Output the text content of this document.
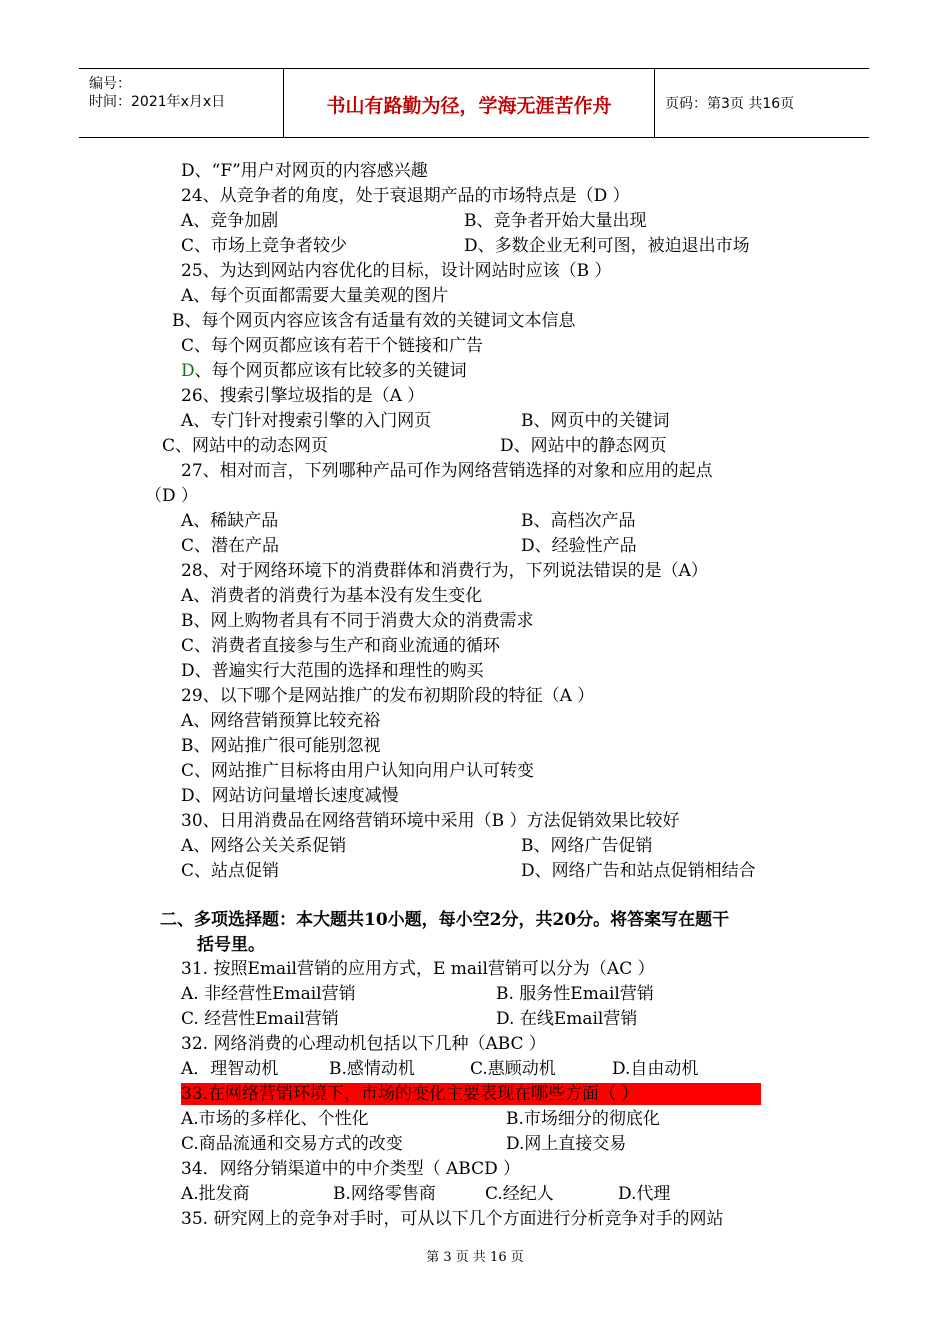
编号：
时间：2021年x月x日	书山有路勤为径，学海无涯苦作舟	页码：第3页 共16页
D、“F”用户对网页的内容感兴趣
24、从竞争者的角度，处于衰退期产品的市场特点是（D ）
A、竞争加剧	B、竞争者开始大量出现
C、市场上竞争者较少	D、多数企业无利可图，被迫退出市场
25、为达到网站内容优化的目标，设计网站时应该（B ）
A、每个页面都需要大量美观的图片
B、每个网页内容应该含有适量有效的关键词文本信息
C、每个网页都应该有若干个链接和广告
D、每个网页都应该有比较多的关键词
26、搜索引擎垃圾指的是（A ）
A、专门针对搜索引擎的入门网页	B、网页中的关键词
C、网站中的动态网页	D、网站中的静态网页
27、相对而言，下列哪种产品可作为网络营销选择的对象和应用的起点
（D ）
A、稀缺产品	B、高档次产品
C、潜在产品	D、经验性产品
28、对于网络环境下的消费群体和消费行为，下列说法错误的是（A）
A、消费者的消费行为基本没有发生变化
B、网上购物者具有不同于消费大众的消费需求
C、消费者直接参与生产和商业流通的循环
D、普遍实行大范围的选择和理性的购买
29、以下哪个是网站推广的发布初期阶段的特征（A ）
A、网络营销预算比较充裕
B、网站推广很可能别忽视
C、网站推广目标将由用户认知向用户认可转变
D、网站访问量增长速度减慢
30、日用消费品在网络营销环境中采用（B ）方法促销效果比较好
A、网络公关关系促销	B、网络广告促销
C、站点促销	D、网络广告和站点促销相结合
二、多项选择题：本大题共10小题，每小空2分，共20分。将答案写在题干
括号里。
31. 按照Email营销的应用方式，E mail营销可以分为（AC ）
A. 非经营性Email营销	B. 服务性Email营销
C. 经营性Email营销	D. 在线Email营销
32. 网络消费的心理动机包括以下几种（ABC ）
A．理智动机	B.感情动机	C.惠顾动机	D.自由动机
33.在网络营销环境下，市场的变化主要表现在哪些方面（ ）
A.市场的多样化、个性化	B.市场细分的彻底化
C.商品流通和交易方式的改变	D.网上直接交易
34．网络分销渠道中的中介类型（ ABCD ）
A.批发商	B.网络零售商	C.经纪人	D.代理
35. 研究网上的竞争对手时，可从以下几个方面进行分析竞争对手的网站
第 3 页 共 16 页
